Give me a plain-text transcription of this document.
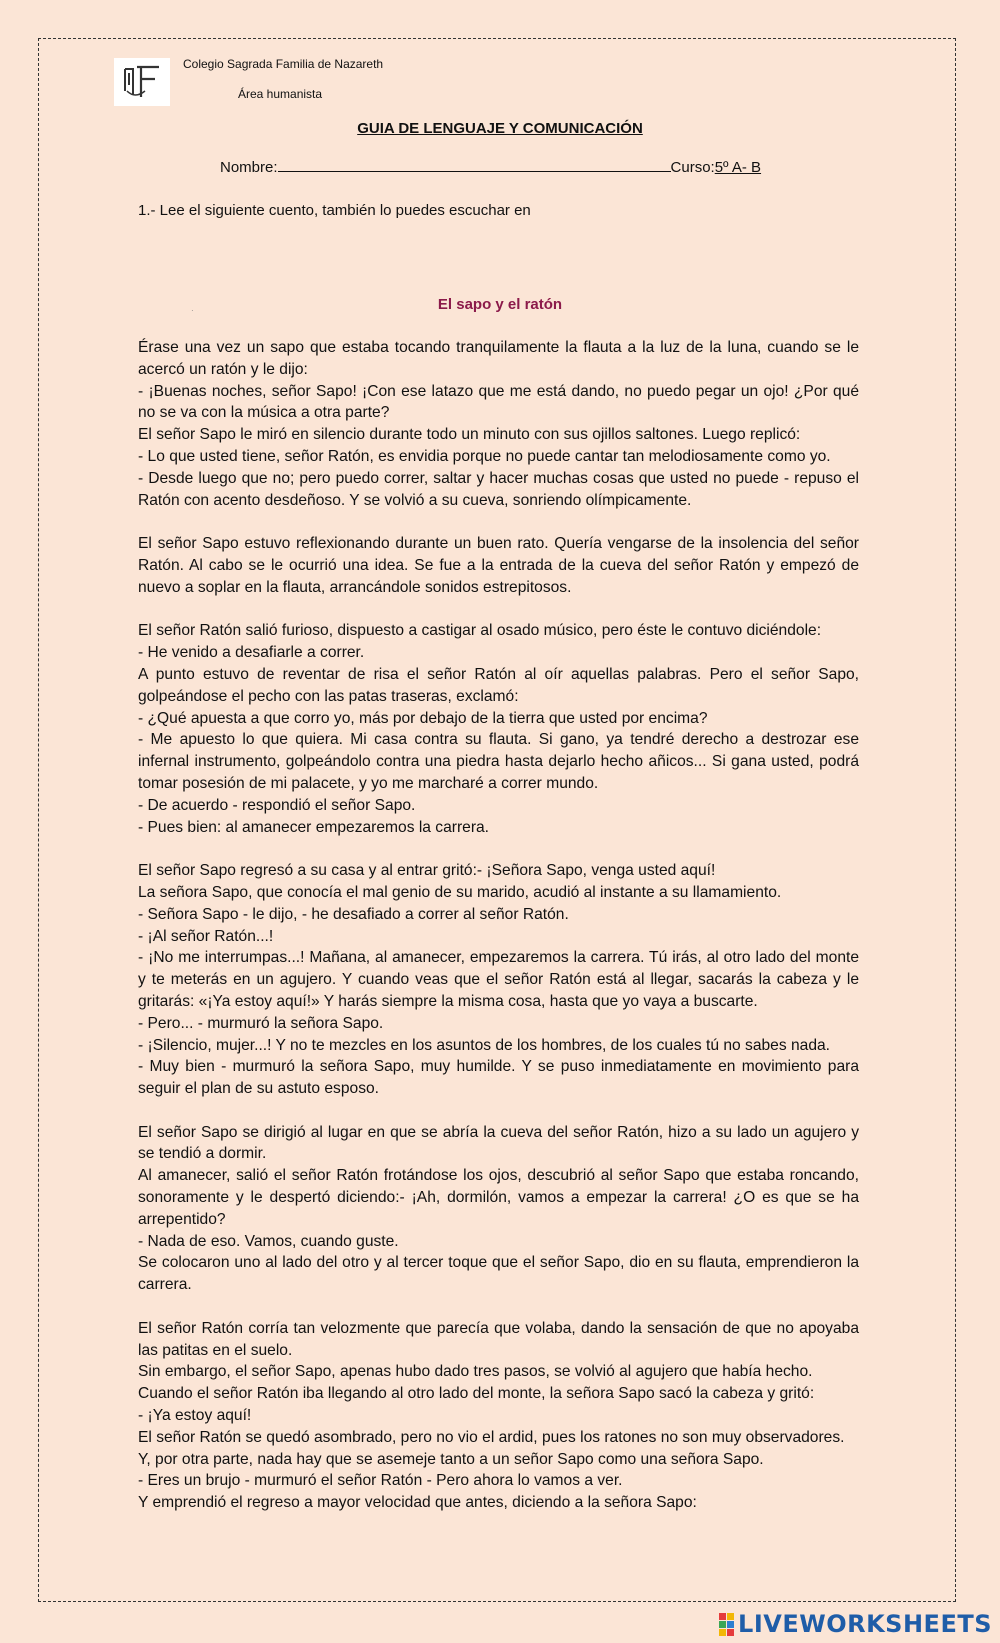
Colegio Sagrada Familia de Nazareth
Área humanista
GUIA DE LENGUAJE Y COMUNICACIÓN
Nombre:	Curso:5º A- B
1.- Lee el siguiente cuento, también lo puedes escuchar en
·	El sapo y el ratón

Érase una vez un sapo que estaba tocando tranquilamente la flauta a la luz de la luna, cuando se le acercó un ratón y le dijo:

- ¡Buenas noches, señor Sapo! ¡Con ese latazo que me está dando, no puedo pegar un ojo! ¿Por qué no se va con la música a otra parte?

El señor Sapo le miró en silencio durante todo un minuto con sus ojillos saltones. Luego replicó:

- Lo que usted tiene, señor Ratón, es envidia porque no puede cantar tan melodiosamente como yo.

- Desde luego que no; pero puedo correr, saltar y hacer muchas cosas que usted no puede - repuso el Ratón con acento desdeñoso. Y se volvió a su cueva, sonriendo olímpicamente.

El señor Sapo estuvo reflexionando durante un buen rato. Quería vengarse de la insolencia del señor Ratón. Al cabo se le ocurrió una idea. Se fue a la entrada de la cueva del señor Ratón y empezó de nuevo a soplar en la flauta, arrancándole sonidos estrepitosos.

El señor Ratón salió furioso, dispuesto a castigar al osado músico, pero éste le contuvo diciéndole:

- He venido a desafiarle a correr.

A punto estuvo de reventar de risa el señor Ratón al oír aquellas palabras. Pero el señor Sapo, golpeándose el pecho con las patas traseras, exclamó:

- ¿Qué apuesta a que corro yo, más por debajo de la tierra que usted por encima?

- Me apuesto lo que quiera. Mi casa contra su flauta. Si gano, ya tendré derecho a destrozar ese infernal instrumento, golpeándolo contra una piedra hasta dejarlo hecho añicos... Si gana usted, podrá tomar posesión de mi palacete, y yo me marcharé a correr mundo.

- De acuerdo - respondió el señor Sapo.

- Pues bien: al amanecer empezaremos la carrera.

El señor Sapo regresó a su casa y al entrar gritó:- ¡Señora Sapo, venga usted aquí!

La señora Sapo, que conocía el mal genio de su marido, acudió al instante a su llamamiento.

- Señora Sapo - le dijo, - he desafiado a correr al señor Ratón.

- ¡Al señor Ratón...!

- ¡No me interrumpas...! Mañana, al amanecer, empezaremos la carrera. Tú irás, al otro lado del monte y te meterás en un agujero. Y cuando veas que el señor Ratón está al llegar, sacarás la cabeza y le gritarás: «¡Ya estoy aquí!» Y harás siempre la misma cosa, hasta que yo vaya a buscarte.

- Pero... - murmuró la señora Sapo.

- ¡Silencio, mujer...! Y no te mezcles en los asuntos de los hombres, de los cuales tú no sabes nada.

- Muy bien - murmuró la señora Sapo, muy humilde. Y se puso inmediatamente en movimiento para seguir el plan de su astuto esposo.

El señor Sapo se dirigió al lugar en que se abría la cueva del señor Ratón, hizo a su lado un agujero y se tendió a dormir.

Al amanecer, salió el señor Ratón frotándose los ojos, descubrió al señor Sapo que estaba roncando, sonoramente y le despertó diciendo:- ¡Ah, dormilón, vamos a empezar la carrera! ¿O es que se ha arrepentido?

- Nada de eso. Vamos, cuando guste.

Se colocaron uno al lado del otro y al tercer toque que el señor Sapo, dio en su flauta, emprendieron la carrera.

El señor Ratón corría tan velozmente que parecía que volaba, dando la sensación de que no apoyaba las patitas en el suelo.

Sin embargo, el señor Sapo, apenas hubo dado tres pasos, se volvió al agujero que había hecho.

Cuando el señor Ratón iba llegando al otro lado del monte, la señora Sapo sacó la cabeza y gritó:

- ¡Ya estoy aquí!

El señor Ratón se quedó asombrado, pero no vio el ardid, pues los ratones no son muy observadores.

Y, por otra parte, nada hay que se asemeje tanto a un señor Sapo como una señora Sapo.

- Eres un brujo - murmuró el señor Ratón - Pero ahora lo vamos a ver.

Y emprendió el regreso a mayor velocidad que antes, diciendo a la señora Sapo:

LIVEWORKSHEETS
